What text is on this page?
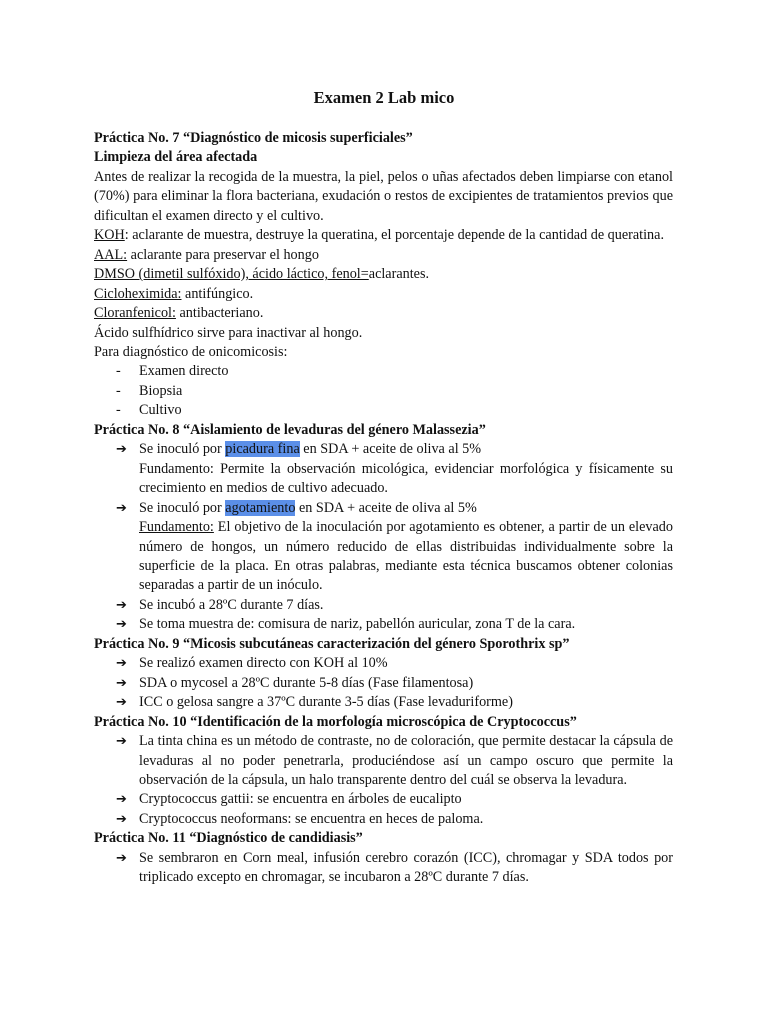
Examen 2 Lab mico

Práctica No. 7 “Diagnóstico de micosis superficiales”

Limpieza del área afectada

Antes de realizar la recogida de la muestra, la piel, pelos o uñas afectados deben limpiarse con etanol (70%) para eliminar la flora bacteriana, exudación o restos de excipientes de tratamientos previos que dificultan el examen directo y el cultivo.

KOH: aclarante de muestra, destruye la queratina, el porcentaje depende de la cantidad de queratina.

AAL: aclarante para preservar el hongo

DMSO (dimetil sulfóxido), ácido láctico, fenol=aclarantes.

Cicloheximida: antifúngico.

Cloranfenicol: antibacteriano.

Ácido sulfhídrico sirve para inactivar al hongo.

Para diagnóstico de onicomicosis:

- Examen directo

- Biopsia

- Cultivo

Práctica No. 8 “Aislamiento de levaduras del género Malassezia”

➔ Se inoculó por picadura fina en SDA + aceite de oliva al 5%

Fundamento: Permite la observación micológica, evidenciar morfológica y físicamente su crecimiento en medios de cultivo adecuado.

➔ Se inoculó por agotamiento en SDA + aceite de oliva al 5%

Fundamento: El objetivo de la inoculación por agotamiento es obtener, a partir de un elevado número de hongos, un número reducido de ellas distribuidas individualmente sobre la superficie de la placa. En otras palabras, mediante esta técnica buscamos obtener colonias separadas a partir de un inóculo.

➔ Se incubó a 28ºC durante 7 días.

➔ Se toma muestra de: comisura de nariz, pabellón auricular, zona T de la cara.

Práctica No. 9 “Micosis subcutáneas caracterización del género Sporothrix sp”

➔ Se realizó examen directo con KOH al 10%

➔ SDA o mycosel a 28ºC durante 5-8 días (Fase filamentosa)

➔ ICC o gelosa sangre a 37ºC durante 3-5 días (Fase levaduriforme)

Práctica No. 10 “Identificación de la morfología microscópica de Cryptococcus”

➔ La tinta china es un método de contraste, no de coloración, que permite destacar la cápsula de levaduras al no poder penetrarla, produciéndose así un campo oscuro que permite la observación de la cápsula, un halo transparente dentro del cuál se observa la levadura.

➔ Cryptococcus gattii: se encuentra en árboles de eucalipto

➔ Cryptococcus neoformans: se encuentra en heces de paloma.

Práctica No. 11 “Diagnóstico de candidiasis”

➔ Se sembraron en Corn meal, infusión cerebro corazón (ICC), chromagar y SDA todos por triplicado excepto en chromagar, se incubaron a 28ºC durante 7 días.
